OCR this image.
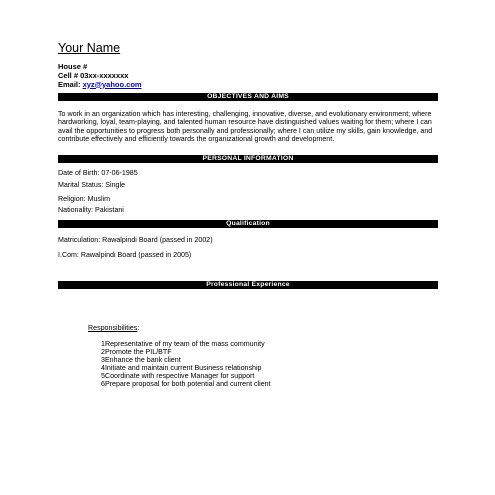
Your Name
House #
Cell # 03xx-xxxxxxx
Email: xyz@yahoo.com
OBJECTIVES AND AIMS
To work in an organization which has interesting, challenging, innovative, diverse, and evolutionary environment; where hardworking, loyal, team-playing, and talented human resource have distinguished values waiting for them; where I can avail the opportunities to progress both personally and professionally; where I can utilize my skills, gain knowledge, and contribute effectively and efficiently towards the organizational growth and development.
PERSONAL INFORMATION
Date of Birth: 07-06-1985
Marital Status: Single
Religion: Muslim
Nationality: Pakistani
Qualification
Matriculation: Rawalpindi Board (passed in 2002)
I.Com: Rawalpindi Board (passed in 2005)
Professional Experience
Responsibilities:
1Representative of my team of the mass community
2Promote the PIL/BTF
3Enhance the bank client
4Initiate and maintain current Business relationship
5Coordinate with respective Manager for support
6Prepare proposal for both potential and current client
